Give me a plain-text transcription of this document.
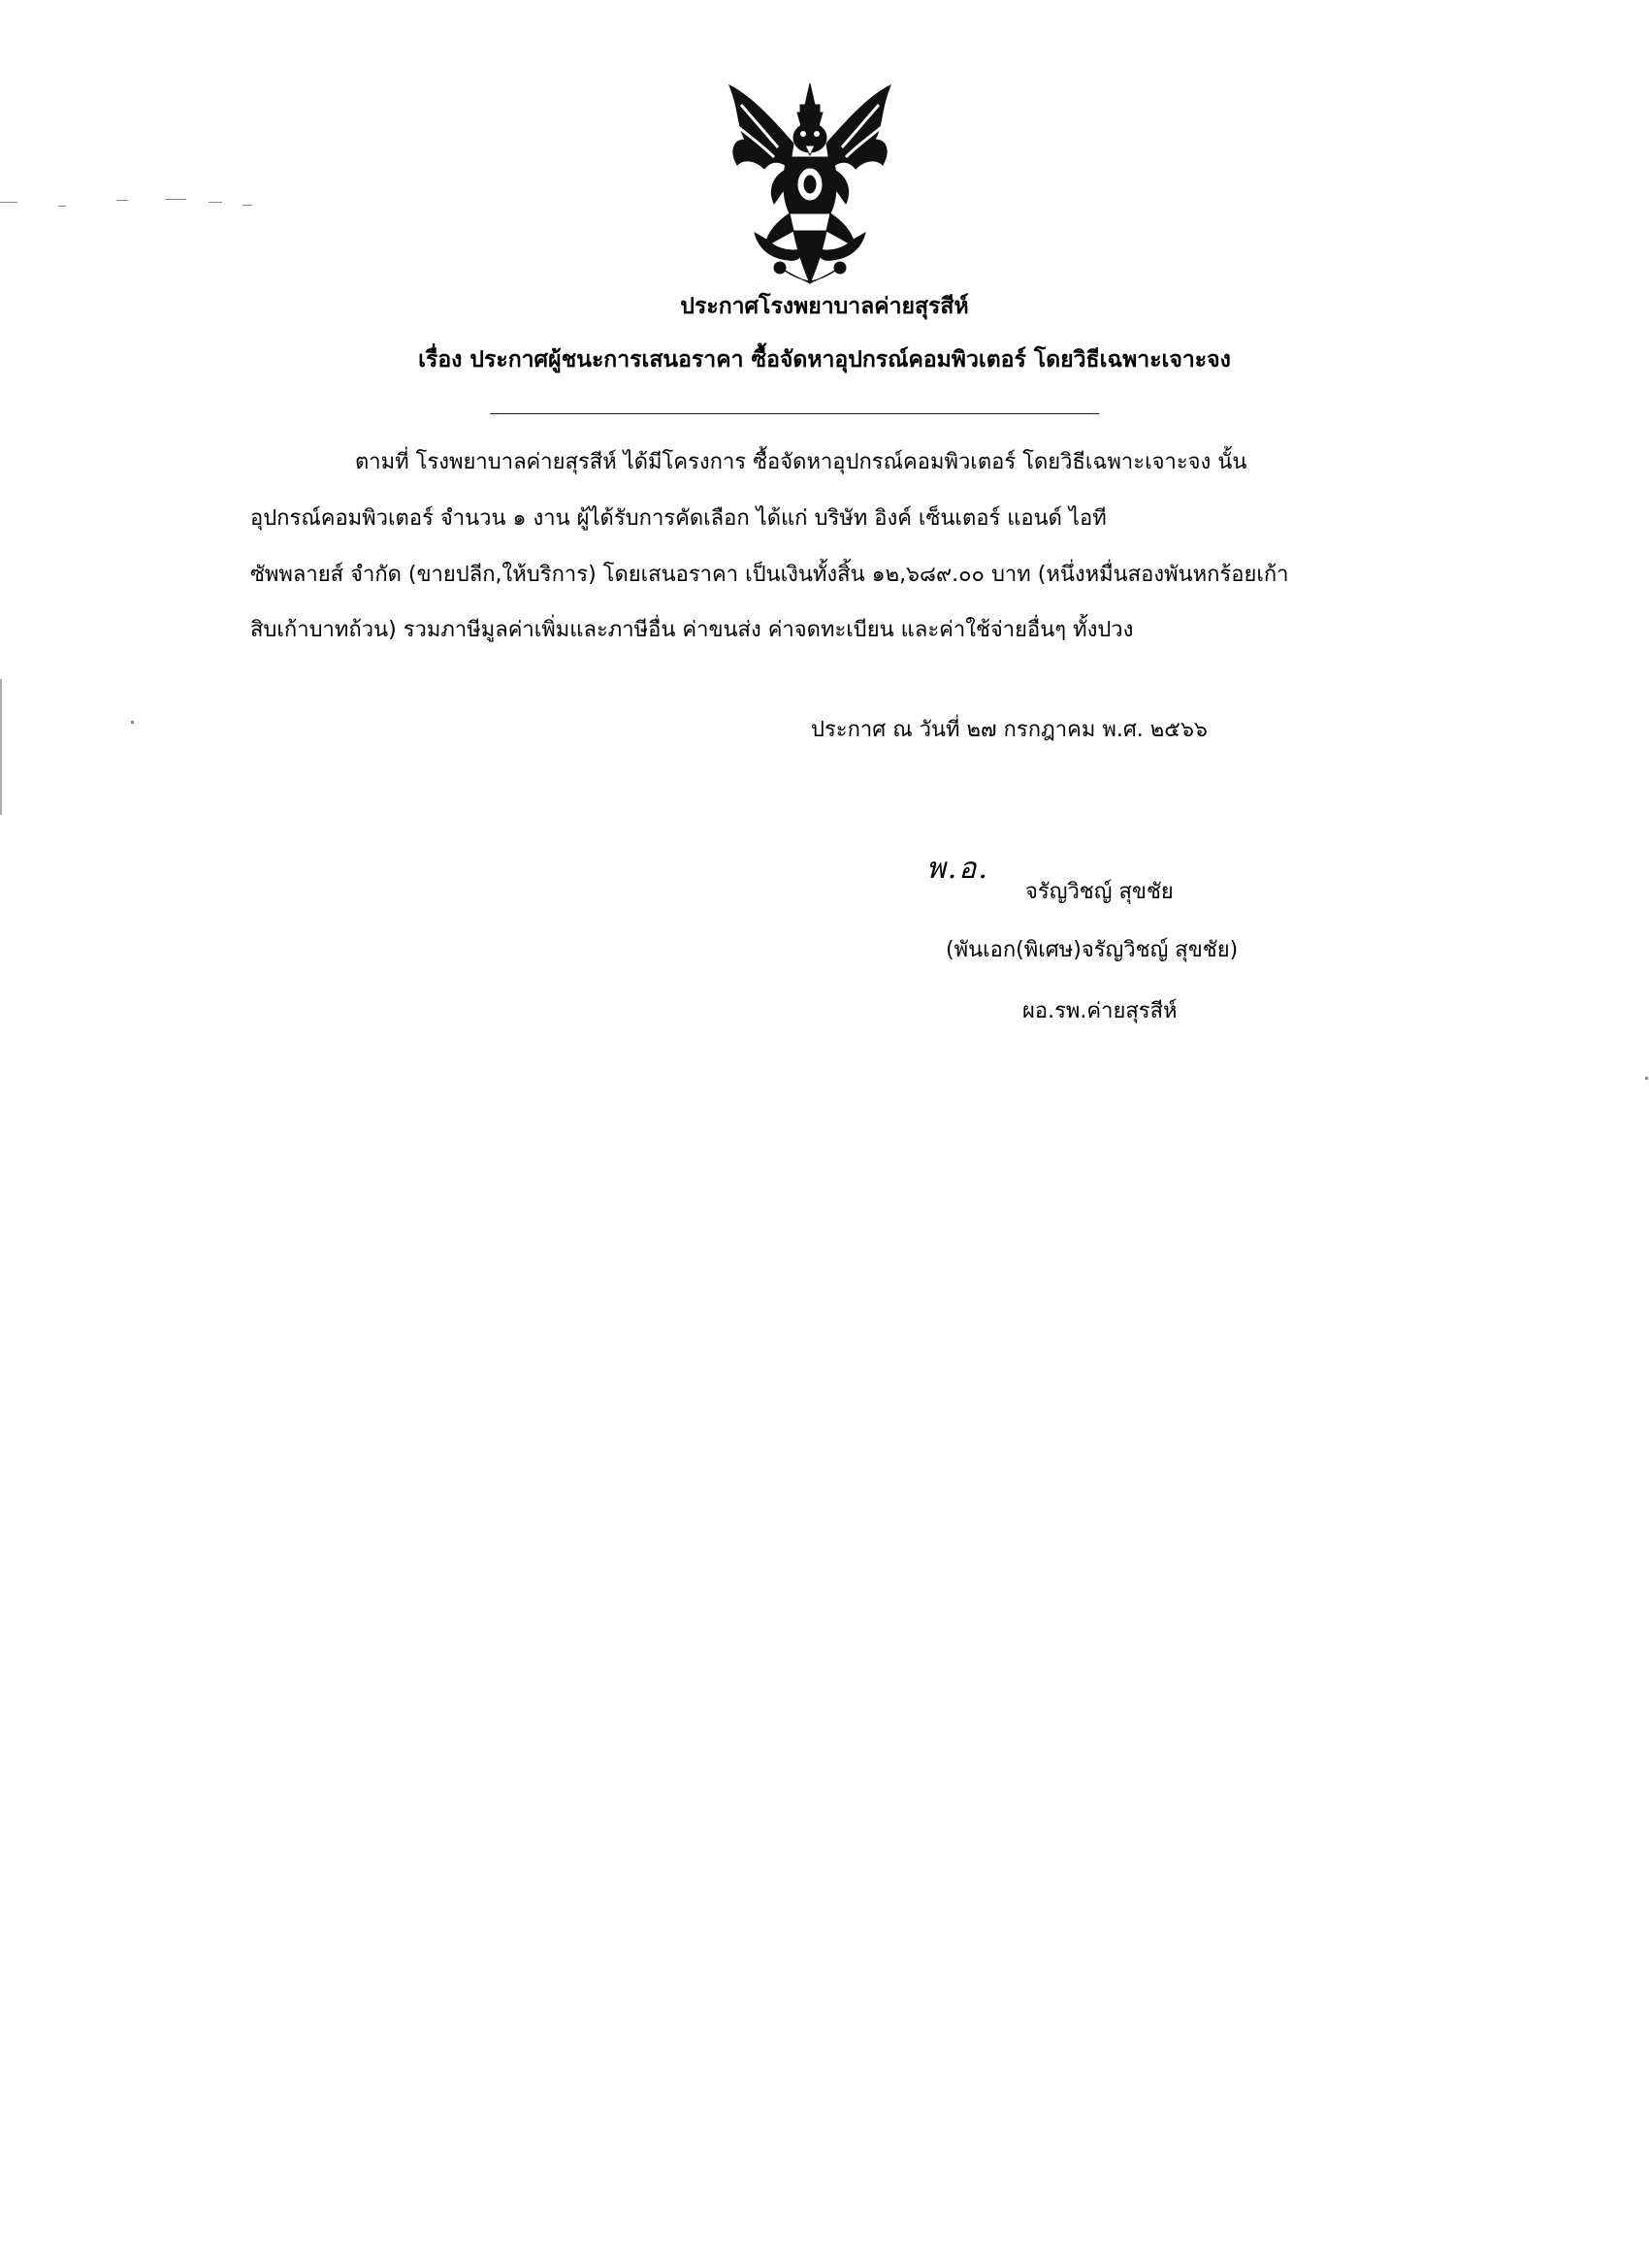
ประกาศโรงพยาบาลค่ายสุรสีห์
เรื่อง ประกาศผู้ชนะการเสนอราคา ซื้อจัดหาอุปกรณ์คอมพิวเตอร์ โดยวิธีเฉพาะเจาะจง
ตามที่ โรงพยาบาลค่ายสุรสีห์ ได้มีโครงการ ซื้อจัดหาอุปกรณ์คอมพิวเตอร์ โดยวิธีเฉพาะเจาะจง นั้น
อุปกรณ์คอมพิวเตอร์ จำนวน ๑ งาน ผู้ได้รับการคัดเลือก ได้แก่ บริษัท อิงค์ เซ็นเตอร์ แอนด์ ไอที
ซัพพลายส์ จำกัด (ขายปลีก,ให้บริการ) โดยเสนอราคา เป็นเงินทั้งสิ้น ๑๒,๖๘๙.๐๐ บาท (หนึ่งหมื่นสองพันหกร้อยเก้า
สิบเก้าบาทถ้วน) รวมภาษีมูลค่าเพิ่มและภาษีอื่น ค่าขนส่ง ค่าจดทะเบียน และค่าใช้จ่ายอื่นๆ ทั้งปวง
ประกาศ ณ วันที่ ๒๗ กรกฎาคม พ.ศ. ๒๕๖๖
พ.อ.
จรัญวิชญ์ สุขชัย
(พันเอก(พิเศษ)จรัญวิชญ์ สุขชัย)
ผอ.รพ.ค่ายสุรสีห์
